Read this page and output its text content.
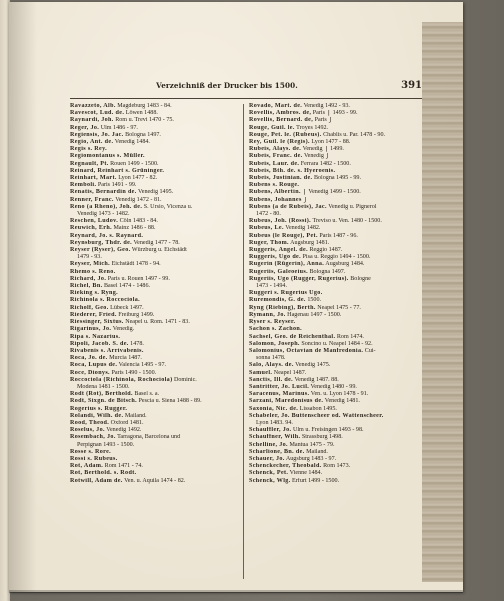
Verzeichniß der Drucker bis 1500.	391
Ravazzeto, Alb. Magdeburg 1483 - 84.
Ravescot, Lud. de. Löwen 1488.
Raynardi, Joh. Rom u. Trevi 1470 - 75.
Reger, Jo. Ulm 1486 - 97.
Regiensis, Jo. Jac. Bologna 1497.
Regio, Ant. de. Venedig 1484.
Regis s. Rey.
Regiomontanus s. Müller.
Regnault, Pt. Rouen 1499 - 1500.
Reinard, Reinhart s. Grüninger.
Reinhart, Mart. Lyon 1477 - 82.
Remboli. Paris 1491 - 99.
Renatis, Bernardin de. Venedig 1495.
Renner, Franc. Venedig 1472 - 81.
Reno (a Rheno), Joh. de. S. Ursio, Vicenza u.
Venedig 1473 - 1482.
Reschen, Ludov. Cöln 1483 - 84.
Reuwich, Erh. Mainz 1486 - 88.
Reynard, Jo. s. Raynard.
Reynsburg, Thdr. de. Venedig 1477 - 78.
Reyser (Ryser), Geo. Würzburg u. Eichstädt
1479 - 93.
Reyser, Mich. Eichstädt 1478 - 94.
Rhemo s. Reno.
Richard, Jo. Paris u. Rouen 1497 - 99.
Richel, Bn. Basel 1474 - 1486.
Rieking s. Ryng.
Richinola s. Roccociola.
Richolf, Geo. Lübeck 1497.
Riederer, Fried. Freiburg 1499.
Riessinger, Sixtus. Neapel u. Rom. 1471 - 83.
Rigarinus, Jo. Venedig.
Ripa s. Nazarius.
Ripoli, Jacob. S. de. 1478.
Rivabenis s. Arrivabenis.
Roca, Jo. de. Murcia 1487.
Roca, Lupus de. Valencia 1495 - 97.
Roce, Dionys. Paris 1490 - 1500.
Roccociola (Richinola, Rochociola) Dominic.
Modena 1481 - 1500.
Rodt (Rot), Berthold. Basel s. a.
Rodt, Sixgn. de Bitsch. Pescia u. Siena 1488 - 89.
Rogerius s. Rugger.
Rolandi, Wilh. de. Mailand.
Rood, Theod. Oxford 1481.
Roselus, Jo. Venedig 1492.
Rosembach, Jo. Tarragona, Barcelona und
Perpignan 1493 - 1500.
Rosse s. Rore.
Rossi s. Rubeus.
Rot, Adam. Rom 1471 - 74.
Rot, Berthold. s. Rodt.
Rotwill, Adam de. Ven. u. Aquila 1474 - 82.
Rovado, Mart. de. Venedig 1492 - 93.
Rovellis, Ambros. de, Paris ⎫ 1493 - 99.
Rovellis, Bernard. de, Paris ⎭
Rouge, Guil. le. Troyes 1492.
Rouge, Pet. le. (Rubeus). Chablis u. Par. 1478 - 90.
Rey, Guil. le (Regis). Lyon 1477 - 88.
Rubeis, Alays. de. Venedig ⎫ 1499.
Rubeis, Franc. de. Venedig ⎭
Rubeis, Laur. de. Ferrara 1482 - 1500.
Rubeis, Bth. de. s. Hyeroenis.
Rubeis, Justinian. de. Bologna 1495 - 99.
Rubens s. Rouge.
Rubens, Albertin. ⎫ Venedig 1499 - 1500.
Rubens, Johannes ⎭
Rubens (a de Rubeis), Jac. Venedig u. Pignerol
1472 - 80.
Rubeus, Joh. (Rossi). Treviso u. Ven. 1480 - 1500.
Rubeus, Le. Venedig 1482.
Rubeus (le Rouge), Pet. Paris 1487 - 96.
Ruger, Thom. Augsburg 1481.
Ruggeris, Angel. de. Reggio 1487.
Ruggeris, Ugo de. Pisa u. Reggio 1494 - 1500.
Rugerin (Rügerin), Anna. Augsburg 1484.
Rugeriis, Galeoeius. Bologna 1497.
Rugeriis, Ugo (Rugger, Rugerius). Bologne
1473 - 1494.
Ruggeri s. Rugerius Ugo.
Ruremondis, G. de. 1500.
Ryng (Riebing), Berth. Neapel 1475 - 77.
Rymann, Jo. Hagenau 1497 - 1500.
Ryser s. Reyser.
Sachon s. Zachon.
Sachsel, Geo. de Reichenthal. Rom 1474.
Salomon, Joseph. Soncino u. Neapel 1484 - 92.
Salomonius, Octavian de Manfredonia. Cui-
sonna 1478.
Salo, Alays. de. Venedig 1475.
Samuel. Neapel 1487.
Sanctis, Ill. de. Venedig 1487. 88.
Santritter, Jo. Lucil. Venedig 1480 - 99.
Saracenus, Marinus. Ven. u. Lyon 1478 - 91.
Sarzani, Maredonisus de. Venedig 1481.
Saxonia, Nic. de. Lissabon 1495.
Schabeler, Jo. Buttenscheer od. Wattenscheer.
Lyon 1483. 94.
Schauffler, Jo. Ulm u. Freisingen 1493 - 98.
Schauffner, Wilh. Strassburg 1498.
Schelline, Jo. Mantua 1475 - 79.
Scharlione, Bn. de. Mailand.
Schauer, Jo. Augsburg 1483 - 97.
Schenckecher, Theobald. Rom 1473.
Schenck, Pet. Vienne 1484.
Schenck, Wlg. Erfurt 1499 - 1500.
